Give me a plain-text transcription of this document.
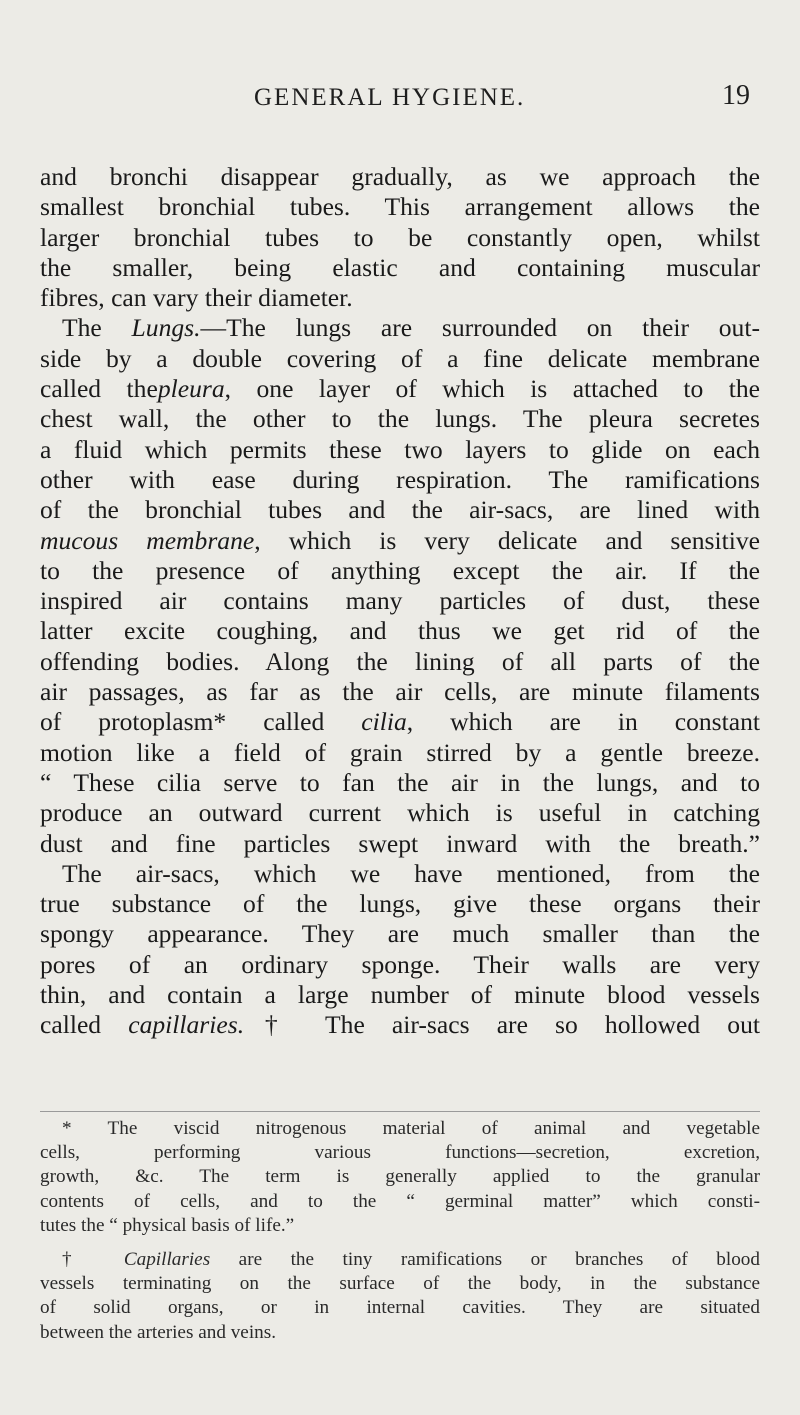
GENERAL HYGIENE.	19
and bronchi disappear gradually, as we approach the
smallest bronchial tubes. This arrangement allows the
larger bronchial tubes to be constantly open, whilst
the smaller, being elastic and containing muscular
fibres, can vary their diameter.
The Lungs.—The lungs are surrounded on their out-
side by a double covering of a fine delicate membrane
called thepleura, one layer of which is attached to the
chest wall, the other to the lungs. The pleura secretes
a fluid which permits these two layers to glide on each
other with ease during respiration. The ramifications
of the bronchial tubes and the air-sacs, are lined with
mucous membrane, which is very delicate and sensitive
to the presence of anything except the air. If the
inspired air contains many particles of dust, these
latter excite coughing, and thus we get rid of the
offending bodies. Along the lining of all parts of the
air passages, as far as the air cells, are minute filaments
of protoplasm* called cilia, which are in constant
motion like a field of grain stirred by a gentle breeze.
“ These cilia serve to fan the air in the lungs, and to
produce an outward current which is useful in catching
dust and fine particles swept inward with the breath.”
The air-sacs, which we have mentioned, from the
true substance of the lungs, give these organs their
spongy appearance. They are much smaller than the
pores of an ordinary sponge. Their walls are very
thin, and contain a large number of minute blood vessels
called capillaries.† The air-sacs are so hollowed out
* The viscid nitrogenous material of animal and vegetable
cells, performing various functions—secretion, excretion,
growth, &c. The term is generally applied to the granular
contents of cells, and to the “ germinal matter” which consti-
tutes the “ physical basis of life.”
† Capillaries are the tiny ramifications or branches of blood
vessels terminating on the surface of the body, in the substance
of solid organs, or in internal cavities. They are situated
between the arteries and veins.
